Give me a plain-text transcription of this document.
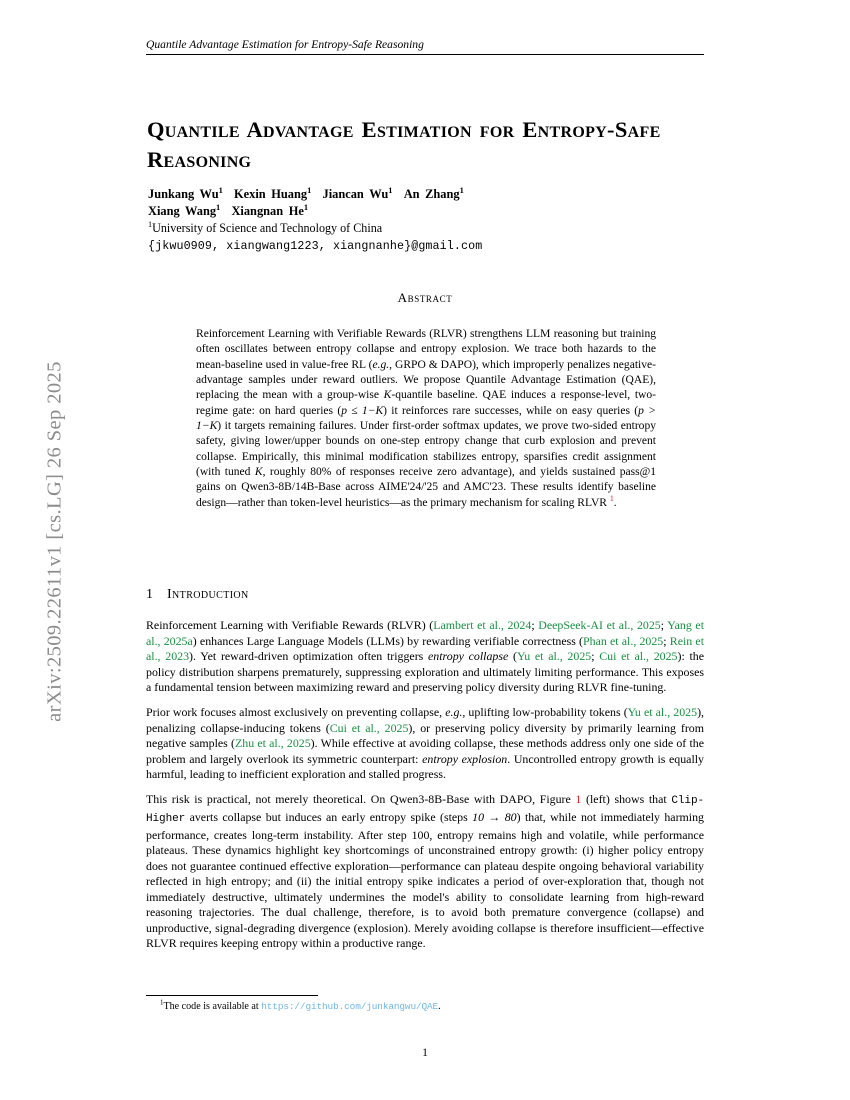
arXiv:2509.22611v1 [cs.LG] 26 Sep 2025
Quantile Advantage Estimation for Entropy-Safe Reasoning
Quantile Advantage Estimation for Entropy-Safe Reasoning
Junkang Wu$^1$ Kexin Huang$^1$ Jiancan Wu$^1$ An Zhang$^1$
Xiang Wang$^1$ Xiangnan He$^1$
$^1$University of Science and Technology of China
{jkwu0909, xiangwang1223, xiangnanhe}@gmail.com
Abstract
Reinforcement Learning with Verifiable Rewards (RLVR) strengthens LLM reasoning but training often oscillates between entropy collapse and entropy explosion. We trace both hazards to the mean-baseline used in value-free RL (e.g., GRPO & DAPO), which improperly penalizes negative-advantage samples under reward outliers. We propose Quantile Advantage Estimation (QAE), replacing the mean with a group-wise K-quantile baseline. QAE induces a response-level, two-regime gate: on hard queries (p ≤ 1−K) it reinforces rare successes, while on easy queries (p > 1−K) it targets remaining failures. Under first-order softmax updates, we prove two-sided entropy safety, giving lower/upper bounds on one-step entropy change that curb explosion and prevent collapse. Empirically, this minimal modification stabilizes entropy, sparsifies credit assignment (with tuned K, roughly 80% of responses receive zero advantage), and yields sustained pass@1 gains on Qwen3-8B/14B-Base across AIME'24/'25 and AMC'23. These results identify baseline design—rather than token-level heuristics—as the primary mechanism for scaling RLVR $^1$.
1 Introduction

Reinforcement Learning with Verifiable Rewards (RLVR) (Lambert et al., 2024; DeepSeek-AI et al., 2025; Yang et al., 2025a) enhances Large Language Models (LLMs) by rewarding verifiable correctness (Phan et al., 2025; Rein et al., 2023). Yet reward-driven optimization often triggers entropy collapse (Yu et al., 2025; Cui et al., 2025): the policy distribution sharpens prematurely, suppressing exploration and ultimately limiting performance. This exposes a fundamental tension between maximizing reward and preserving policy diversity during RLVR fine-tuning.

Prior work focuses almost exclusively on preventing collapse, e.g., uplifting low-probability tokens (Yu et al., 2025), penalizing collapse-inducing tokens (Cui et al., 2025), or preserving policy diversity by primarily learning from negative samples (Zhu et al., 2025). While effective at avoiding collapse, these methods address only one side of the problem and largely overlook its symmetric counterpart: entropy explosion. Uncontrolled entropy growth is equally harmful, leading to inefficient exploration and stalled progress.

This risk is practical, not merely theoretical. On Qwen3-8B-Base with DAPO, Figure 1 (left) shows that Clip-Higher averts collapse but induces an early entropy spike (steps 10 → 80) that, while not immediately harming performance, creates long-term instability. After step 100, entropy remains high and volatile, while performance plateaus. These dynamics highlight key shortcomings of unconstrained entropy growth: (i) higher policy entropy does not guarantee continued effective exploration—performance can plateau despite ongoing behavioral variability reflected in high entropy; and (ii) the initial entropy spike indicates a period of over-exploration that, though not immediately destructive, ultimately undermines the model's ability to consolidate learning from high-reward reasoning trajectories. The dual challenge, therefore, is to avoid both premature convergence (collapse) and unproductive, signal-degrading divergence (explosion). Merely avoiding collapse is therefore insufficient—effective RLVR requires keeping entropy within a productive range.

$^1$The code is available at https://github.com/junkangwu/QAE.
1
